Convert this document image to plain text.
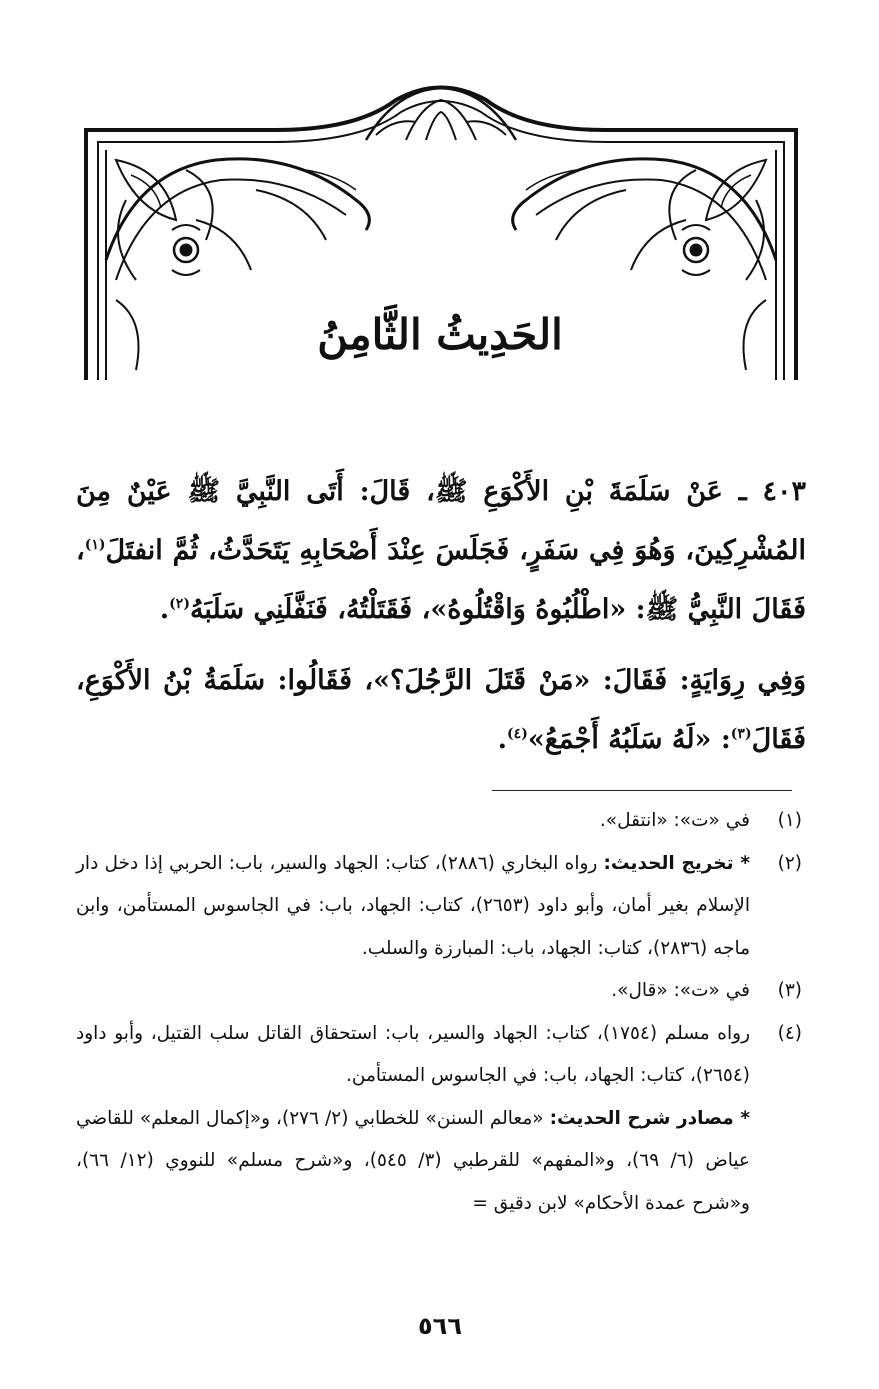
الحَدِيثُ الثَّامِنُ

٤٠٣ ـ عَنْ سَلَمَةَ بْنِ الأَكْوَعِ ﷺ، قَالَ: أَتَى النَّبِيَّ ﷺ عَيْنٌ مِنَ المُشْرِكِينَ، وَهُوَ فِي سَفَرٍ، فَجَلَسَ عِنْدَ أَصْحَابِهِ يَتَحَدَّثُ، ثُمَّ انفتَلَ$^{(١)}$، فَقَالَ النَّبِيُّ ﷺ: «اطْلُبُوهُ وَاقْتُلُوهُ»، فَقَتَلْتُهُ، فَنَفَّلَنِي سَلَبَهُ$^{(٢)}$.

وَفِي رِوَايَةٍ: فَقَالَ: «مَنْ قَتَلَ الرَّجُلَ؟»، فَقَالُوا: سَلَمَةُ بْنُ الأَكْوَعِ، فَقَالَ$^{(٣)}$: «لَهُ سَلَبُهُ أَجْمَعُ»$^{(٤)}$.

(١)
في «ت»: «انتقل».
(٢)
* تخريج الحديث: رواه البخاري (٢٨٨٦)، كتاب: الجهاد والسير، باب: الحربي إذا دخل دار الإسلام بغير أمان، وأبو داود (٢٦٥٣)، كتاب: الجهاد، باب: في الجاسوس المستأمن، وابن ماجه (٢٨٣٦)، كتاب: الجهاد، باب: المبارزة والسلب.
(٣)
في «ت»: «قال».
(٤)
رواه مسلم (١٧٥٤)، كتاب: الجهاد والسير، باب: استحقاق القاتل سلب القتيل، وأبو داود (٢٦٥٤)، كتاب: الجهاد، باب: في الجاسوس المستأمن.
* مصادر شرح الحديث: «معالم السنن» للخطابي (٢/ ٢٧٦)، و«إكمال المعلم» للقاضي عياض (٦/ ٦٩)، و«المفهم» للقرطبي (٣/ ٥٤٥)، و«شرح مسلم» للنووي (١٢/ ٦٦)، و«شرح عمدة الأحكام» لابن دقيق =
٥٦٦
